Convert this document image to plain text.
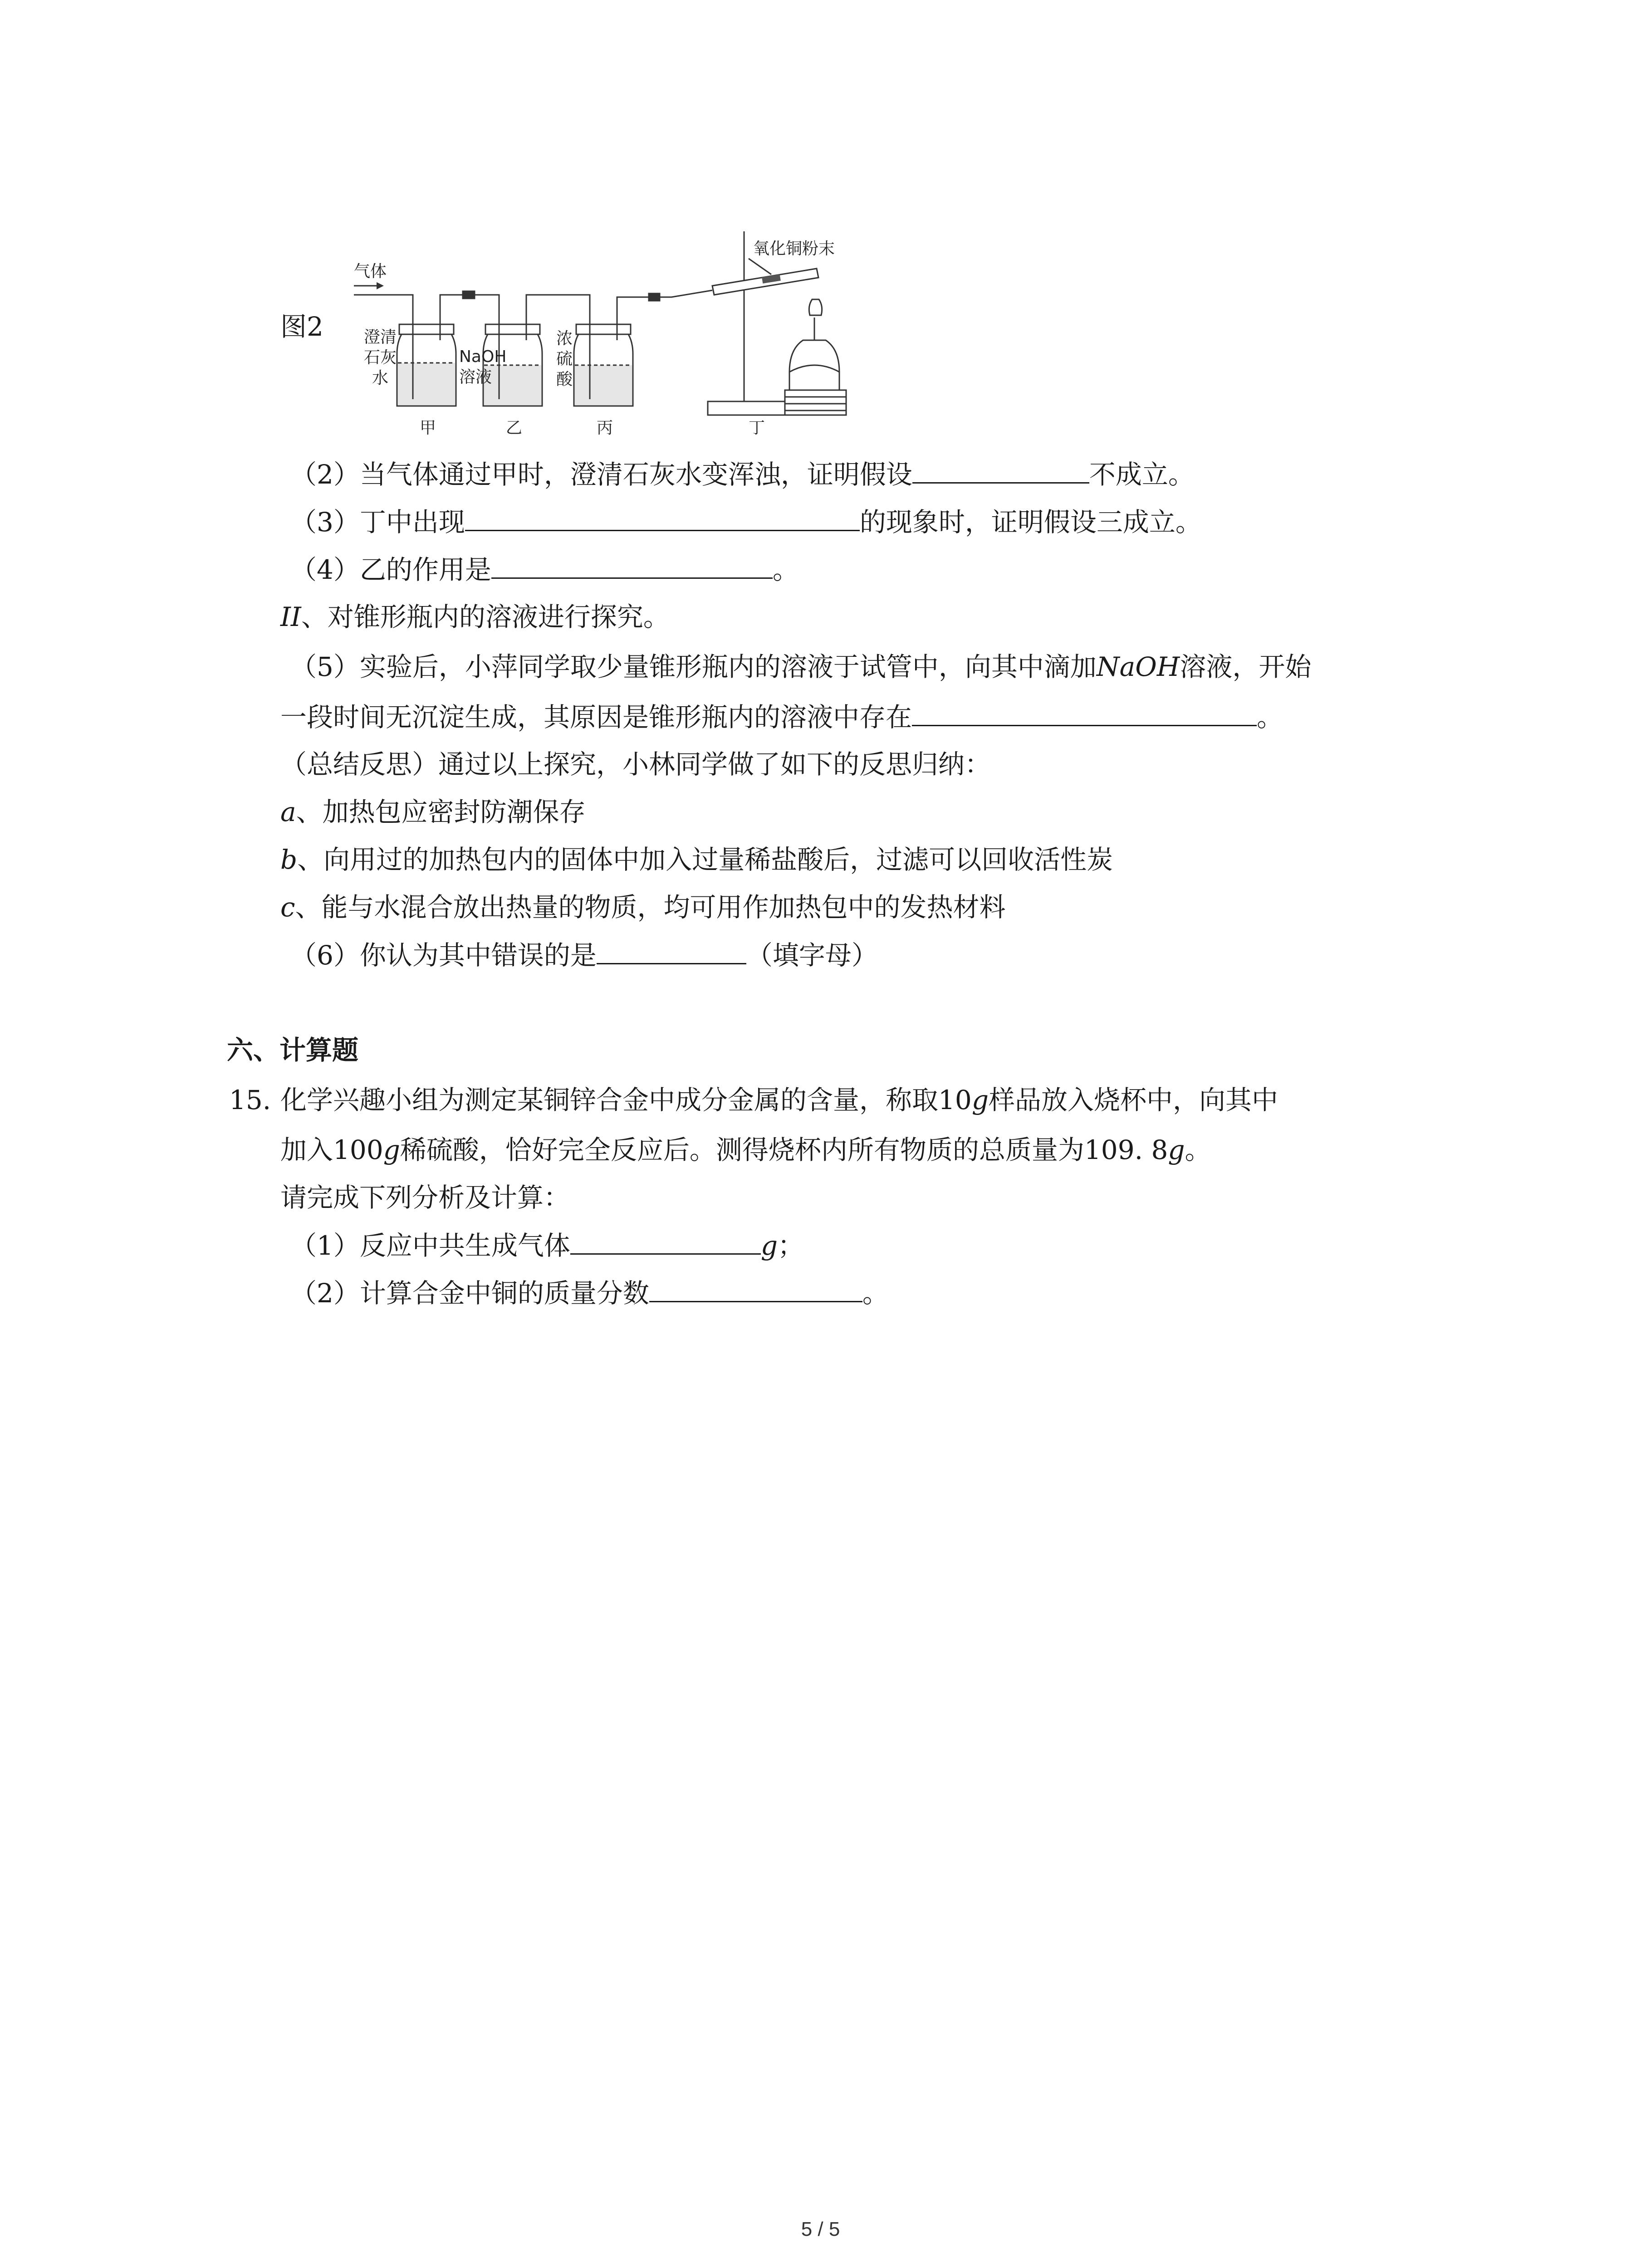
图2
气体
氧化铜粉末
澄清
石灰
水
NaOH
溶液
浓
硫
酸
甲	乙	丙	丁
（2）当气体通过甲时，澄清石灰水变浑浊，证明假设	不成立。
（3）丁中出现	的现象时，证明假设三成立。
（4）乙的作用是	。
II、对锥形瓶内的溶液进行探究。
（5）实验后，小萍同学取少量锥形瓶内的溶液于试管中，向其中滴加NaOH溶液，开始
一段时间无沉淀生成，其原因是锥形瓶内的溶液中存在	。
（总结反思）通过以上探究，小林同学做了如下的反思归纳：
a、加热包应密封防潮保存
b、向用过的加热包内的固体中加入过量稀盐酸后，过滤可以回收活性炭
c、能与水混合放出热量的物质，均可用作加热包中的发热材料
（6）你认为其中错误的是	（填字母）
六、计算题
15. 化学兴趣小组为测定某铜锌合金中成分金属的含量，称取10g样品放入烧杯中，向其中
加入100g稀硫酸，恰好完全反应后。测得烧杯内所有物质的总质量为109. 8g。
请完成下列分析及计算：
（1）反应中共生成气体	g；
（2）计算合金中铜的质量分数	。
5 / 5
